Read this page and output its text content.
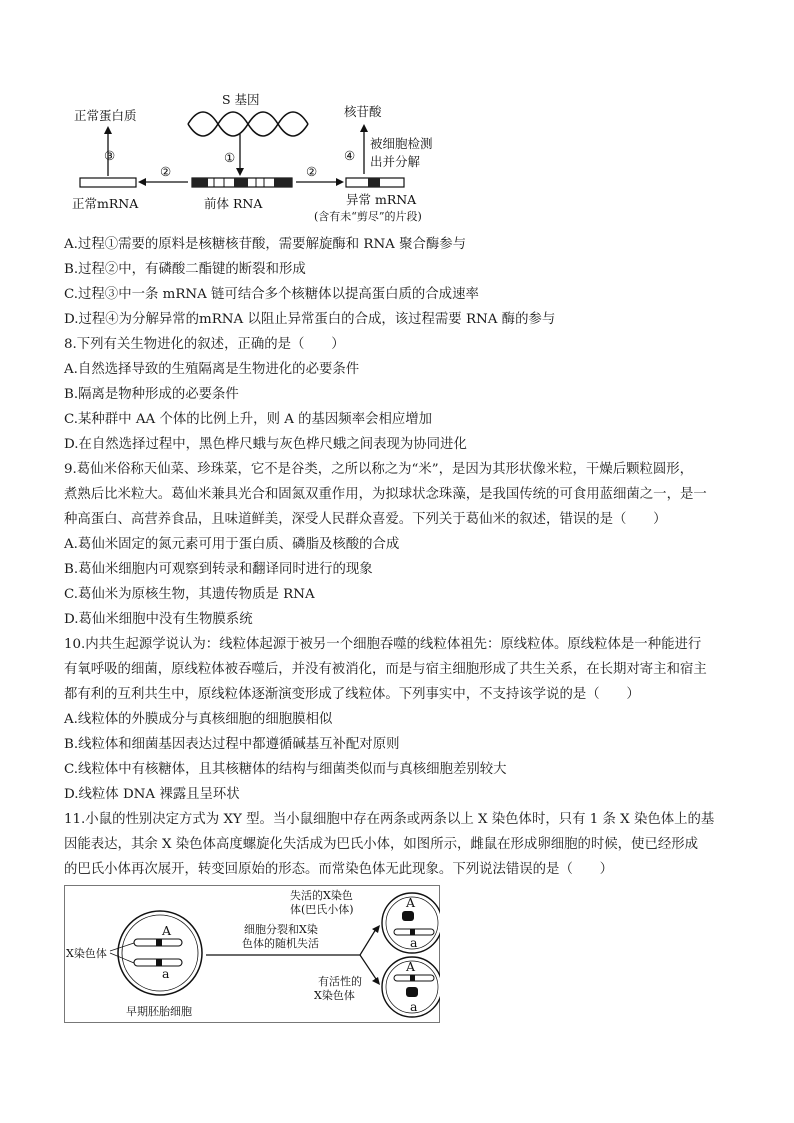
S 基因
①
前体 RNA
②
正常mRNA
③
正常蛋白质
②
异常 mRNA
(含有未“剪尽”的片段)
④
核苷酸
被细胞检测
出并分解
A.过程①需要的原料是核糖核苷酸，需要解旋酶和 RNA 聚合酶参与
B.过程②中，有磷酸二酯键的断裂和形成
C.过程③中一条 mRNA 链可结合多个核糖体以提高蛋白质的合成速率
D.过程④为分解异常的mRNA 以阻止异常蛋白的合成，该过程需要 RNA 酶的参与
8.下列有关生物进化的叙述，正确的是（　　）
A.自然选择导致的生殖隔离是生物进化的必要条件
B.隔离是物种形成的必要条件
C.某种群中 AA 个体的比例上升，则 A 的基因频率会相应增加
D.在自然选择过程中，黑色桦尺蛾与灰色桦尺蛾之间表现为协同进化
9.葛仙米俗称天仙菜、珍珠菜，它不是谷类，之所以称之为“米”，是因为其形状像米粒，干燥后颗粒圆形，
煮熟后比米粒大。葛仙米兼具光合和固氮双重作用，为拟球状念珠藻，是我国传统的可食用蓝细菌之一，是一
种高蛋白、高营养食品，且味道鲜美，深受人民群众喜爱。下列关于葛仙米的叙述，错误的是（　　）
A.葛仙米固定的氮元素可用于蛋白质、磷脂及核酸的合成
B.葛仙米细胞内可观察到转录和翻译同时进行的现象
C.葛仙米为原核生物，其遗传物质是 RNA
D.葛仙米细胞中没有生物膜系统
10.内共生起源学说认为：线粒体起源于被另一个细胞吞噬的线粒体祖先：原线粒体。原线粒体是一种能进行
有氧呼吸的细菌，原线粒体被吞噬后，并没有被消化，而是与宿主细胞形成了共生关系，在长期对寄主和宿主
都有利的互利共生中，原线粒体逐渐演变形成了线粒体。下列事实中，不支持该学说的是（　　）
A.线粒体的外膜成分与真核细胞的细胞膜相似
B.线粒体和细菌基因表达过程中都遵循碱基互补配对原则
C.线粒体中有核糖体，且其核糖体的结构与细菌类似而与真核细胞差别较大
D.线粒体 DNA 裸露且呈环状
11.小鼠的性别决定方式为 XY 型。当小鼠细胞中存在两条或两条以上 X 染色体时，只有 1 条 X 染色体上的基
因能表达，其余 X 染色体高度螺旋化失活成为巴氏小体，如图所示，雌鼠在形成卵细胞的时候，使已经形成
的巴氏小体再次展开，转变回原始的形态。而常染色体无此现象。下列说法错误的是（　　）
A
a
X染色体
早期胚胎细胞
细胞分裂和X染
色体的随机失活
A
a
失活的X染色
体(巴氏小体)
A
a
有活性的
X染色体
